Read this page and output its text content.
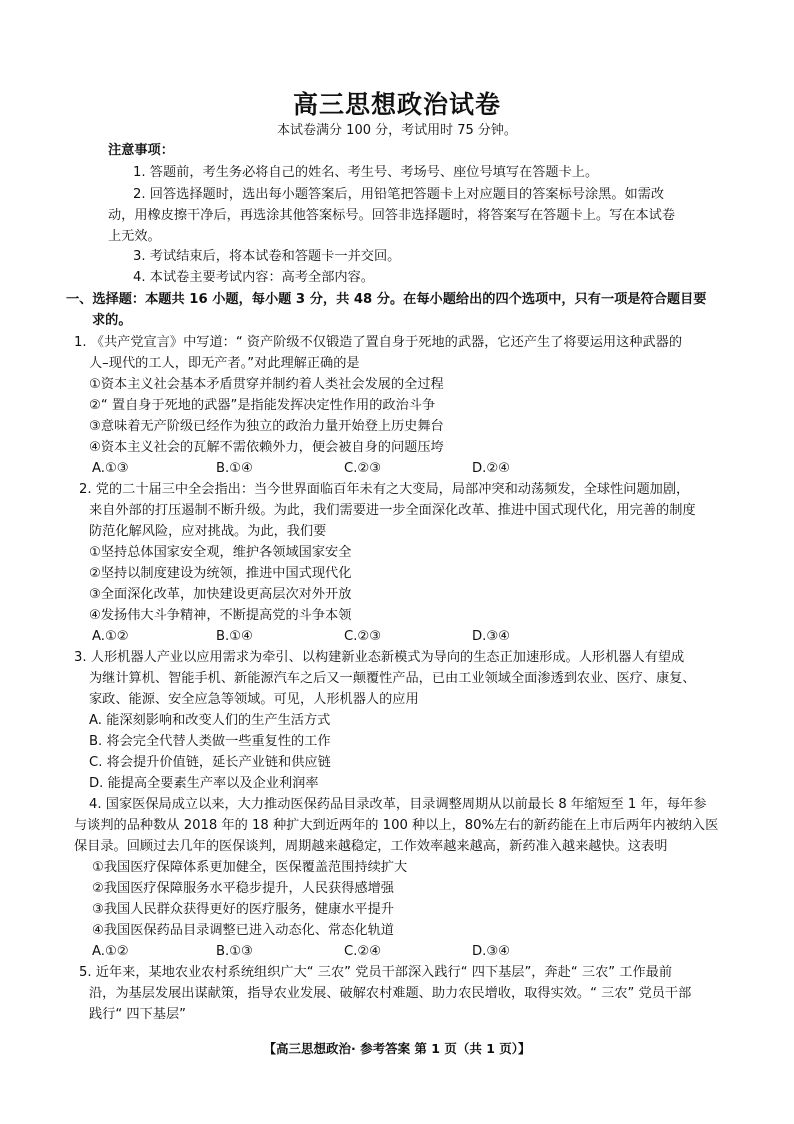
高三思想政治试卷
本试卷满分 100 分，考试用时 75 分钟。
注意事项：
1. 答题前，考生务必将自己的姓名、考生号、考场号、座位号填写在答题卡上。
2. 回答选择题时，选出每小题答案后，用铅笔把答题卡上对应题目的答案标号涂黑。如需改
动，用橡皮擦干净后，再选涂其他答案标号。回答非选择题时，将答案写在答题卡上。写在本试卷
上无效。
3. 考试结束后，将本试卷和答题卡一并交回。
4. 本试卷主要考试内容：高考全部内容。
一、选择题：本题共 16 小题，每小题 3 分，共 48 分。在每小题给出的四个选项中，只有一项是符合题目要
求的。
1. 《共产党宣言》中写道：“ 资产阶级不仅锻造了置自身于死地的武器，它还产生了将要运用这种武器的
人–现代的工人，即无产者。”对此理解正确的是
①资本主义社会基本矛盾贯穿并制约着人类社会发展的全过程
②“ 置自身于死地的武器”是指能发挥决定性作用的政治斗争
③意味着无产阶级已经作为独立的政治力量开始登上历史舞台
④资本主义社会的瓦解不需依赖外力，便会被自身的问题压垮
A.①③	B.①④	C.②③	D.②④
2. 党的二十届三中全会指出：当今世界面临百年未有之大变局，局部冲突和动荡频发，全球性问题加剧，
来自外部的打压遏制不断升级。为此，我们需要进一步全面深化改革、推进中国式现代化，用完善的制度
防范化解风险，应对挑战。为此，我们要
①坚持总体国家安全观，维护各领域国家安全
②坚持以制度建设为统领，推进中国式现代化
③全面深化改革，加快建设更高层次对外开放
④发扬伟大斗争精神，不断提高党的斗争本领
A.①②	B.①④	C.②③	D.③④
3. 人形机器人产业以应用需求为牵引、以构建新业态新模式为导向的生态正加速形成。人形机器人有望成
为继计算机、智能手机、新能源汽车之后又一颠覆性产品，已由工业领域全面渗透到农业、医疗、康复、
家政、能源、安全应急等领域。可见，人形机器人的应用
A. 能深刻影响和改变人们的生产生活方式
B. 将会完全代替人类做一些重复性的工作
C. 将会提升价值链，延长产业链和供应链
D. 能提高全要素生产率以及企业利润率
4. 国家医保局成立以来，大力推动医保药品目录改革，目录调整周期从以前最长 8 年缩短至 1 年，每年参
与谈判的品种数从 2018 年的 18 种扩大到近两年的 100 种以上，80%左右的新药能在上市后两年内被纳入医
保目录。回顾过去几年的医保谈判，周期越来越稳定，工作效率越来越高，新药准入越来越快。这表明
①我国医疗保障体系更加健全，医保覆盖范围持续扩大
②我国医疗保障服务水平稳步提升，人民获得感增强
③我国人民群众获得更好的医疗服务，健康水平提升
④我国医保药品目录调整已进入动态化、常态化轨道
A.①②	B.①③	C.②④	D.③④
5. 近年来，某地农业农村系统组织广大“ 三农” 党员干部深入践行“ 四下基层”，奔赴“ 三农” 工作最前
沿，为基层发展出谋献策，指导农业发展、破解农村难题、助力农民增收，取得实效。“ 三农” 党员干部
践行“ 四下基层”
【高三思想政治· 参考答案 第 1 页（共 1 页）】
